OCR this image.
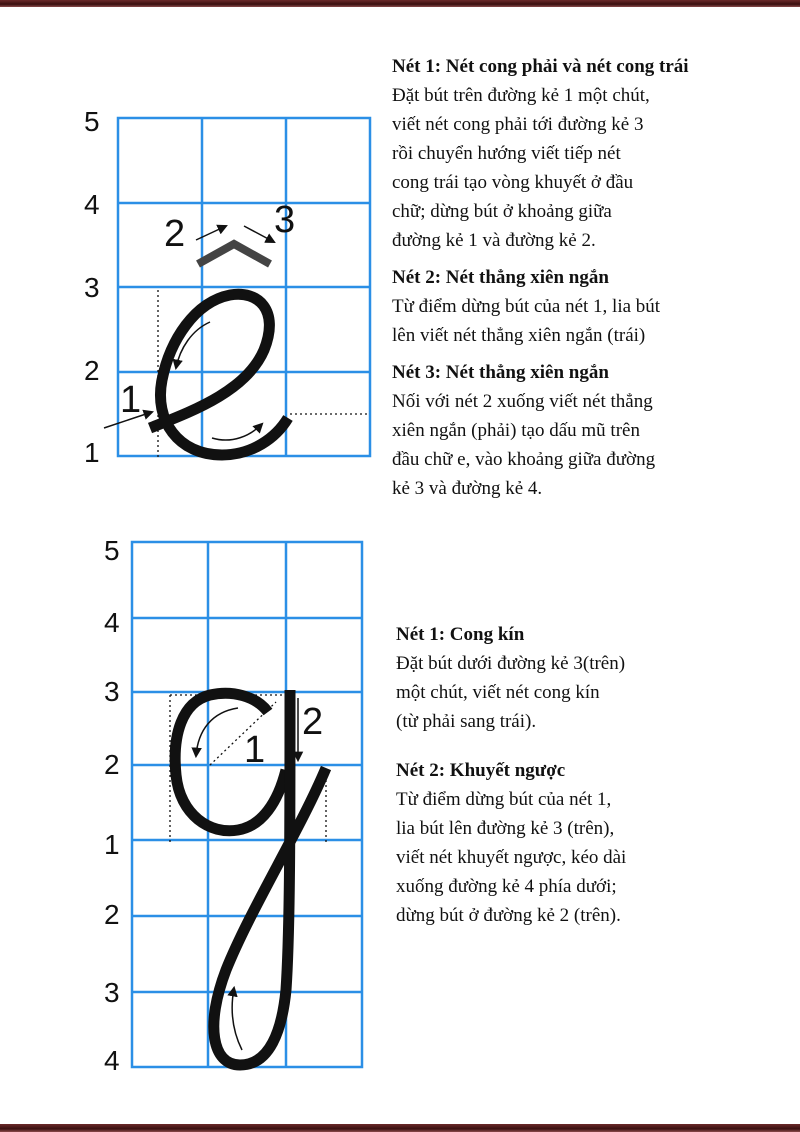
5
4
3
2
1
1
2 3

Nét 1: Nét cong phải và nét cong trái

Đặt bút trên đường kẻ 1 một chút,

viết nét cong phải tới đường kẻ 3

rồi chuyển hướng viết tiếp nét

cong trái tạo vòng khuyết ở đầu

chữ; dừng bút ở khoảng giữa

đường kẻ 1 và đường kẻ 2.

Nét 2: Nét thẳng xiên ngắn

Từ điểm dừng bút của nét 1, lia bút

lên viết nét thẳng xiên ngắn (trái)

Nét 3: Nét thẳng xiên ngắn

Nối với nét 2 xuống viết nét thẳng

xiên ngắn (phải) tạo dấu mũ trên

đầu chữ e, vào khoảng giữa đường

kẻ 3 và đường kẻ 4.

5
4
3
2
1
2
3
4
1
2

Nét 1: Cong kín

Đặt bút dưới đường kẻ 3(trên)

một chút, viết nét cong kín

(từ phải sang trái).

Nét 2: Khuyết ngược

Từ điểm dừng bút của nét 1,

lia bút lên đường kẻ 3 (trên),

viết nét khuyết ngược, kéo dài

xuống đường kẻ 4 phía dưới;

dừng bút ở đường kẻ 2 (trên).
